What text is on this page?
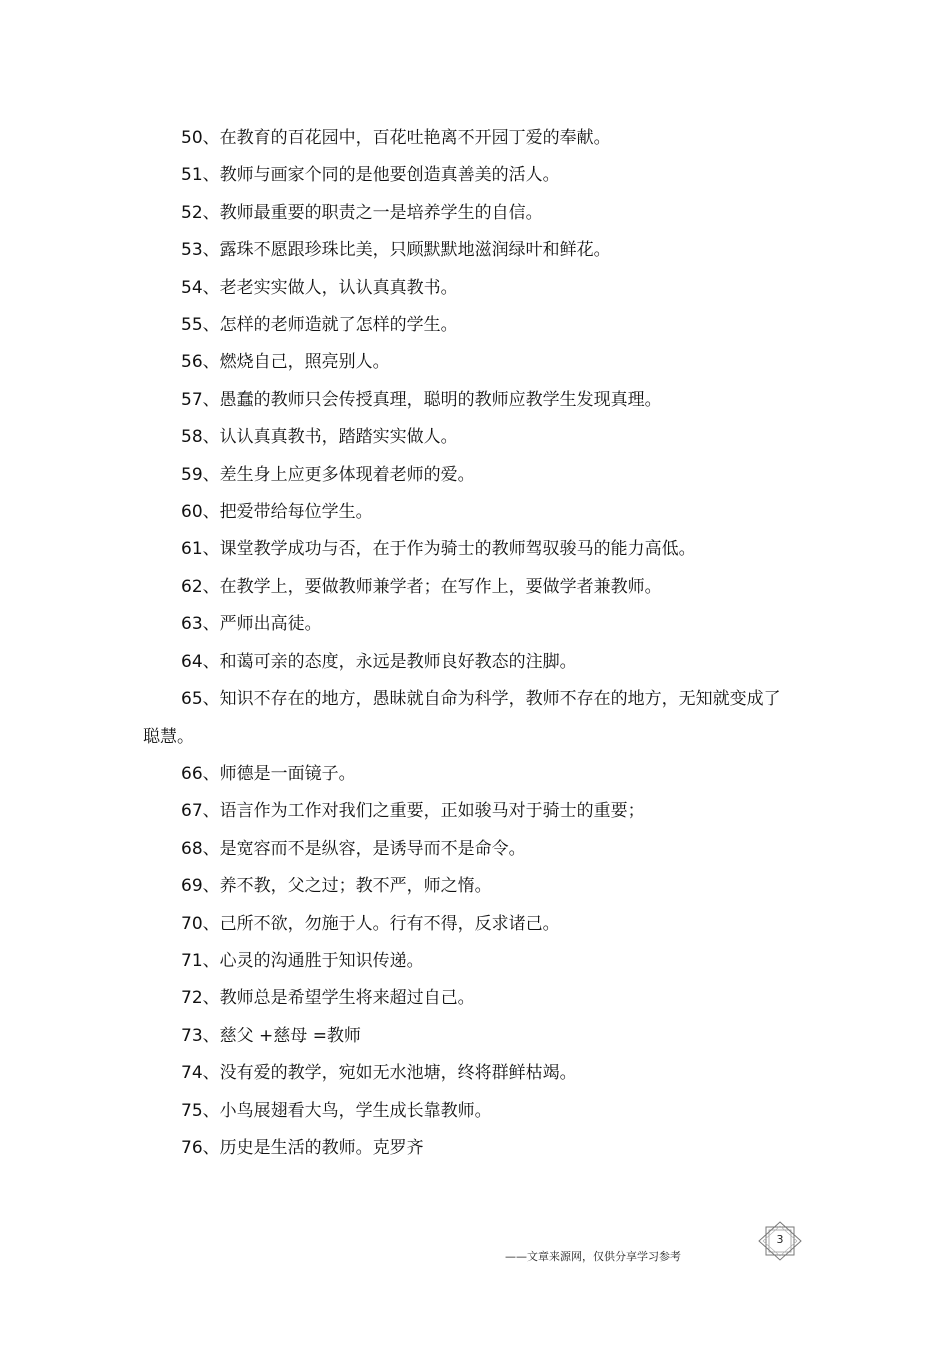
50、在教育的百花园中，百花吐艳离不开园丁爱的奉献。

51、教师与画家个同的是他要创造真善美的活人。

52、教师最重要的职责之一是培养学生的自信。

53、露珠不愿跟珍珠比美，只顾默默地滋润绿叶和鲜花。

54、老老实实做人，认认真真教书。

55、怎样的老师造就了怎样的学生。

56、燃烧自己，照亮别人。

57、愚蠢的教师只会传授真理，聪明的教师应教学生发现真理。

58、认认真真教书，踏踏实实做人。

59、差生身上应更多体现着老师的爱。

60、把爱带给每位学生。

61、课堂教学成功与否，在于作为骑士的教师驾驭骏马的能力高低。

62、在教学上，要做教师兼学者；在写作上，要做学者兼教师。

63、严师出高徒。

64、和蔼可亲的态度，永远是教师良好教态的注脚。

65、知识不存在的地方，愚昧就自命为科学，教师不存在的地方，无知就变成了聪慧。

66、师德是一面镜子。

67、语言作为工作对我们之重要，正如骏马对于骑士的重要；

68、是宽容而不是纵容，是诱导而不是命令。

69、养不教，父之过；教不严，师之惰。

70、己所不欲，勿施于人。行有不得，反求诸己。

71、心灵的沟通胜于知识传递。

72、教师总是希望学生将来超过自己。

73、慈父 +慈母 =教师

74、没有爱的教学，宛如无水池塘，终将群鲜枯竭。

75、小鸟展翅看大鸟，学生成长靠教师。

76、历史是生活的教师。克罗齐

——文章来源网，仅供分享学习参考
3
